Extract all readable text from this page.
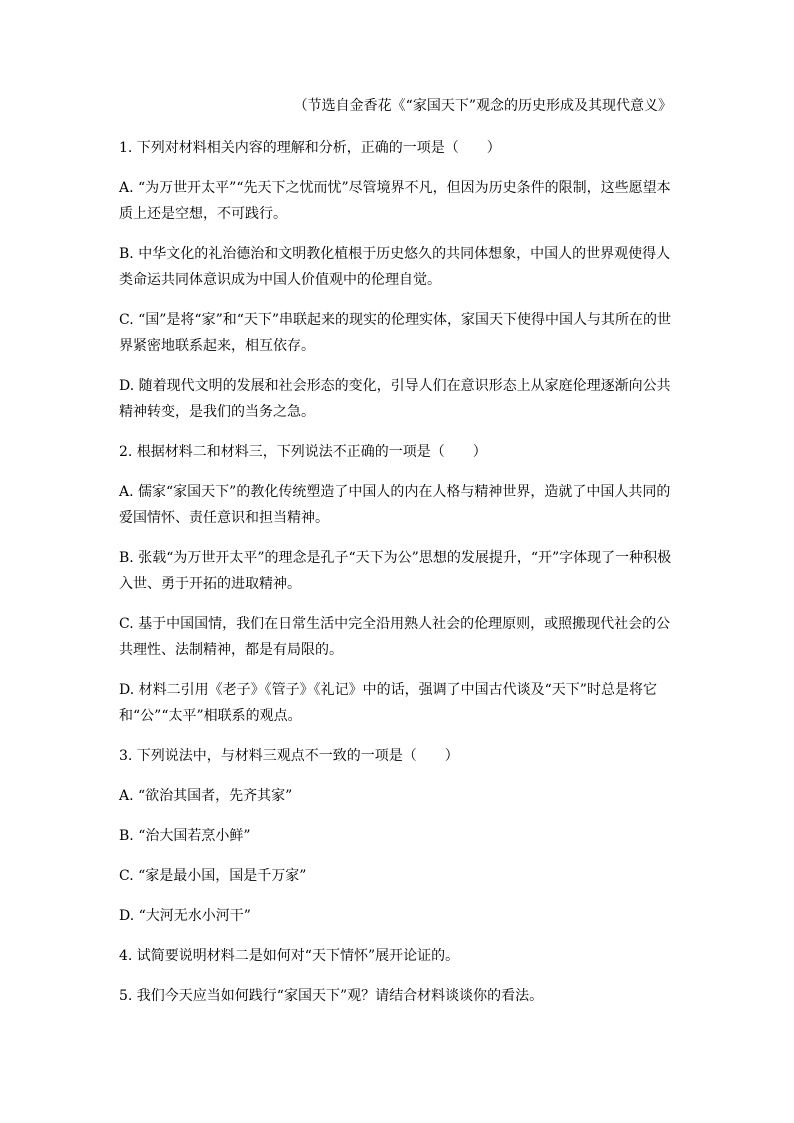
（节选自金香花《“家国天下”观念的历史形成及其现代意义》

1. 下列对材料相关内容的理解和分析，正确的一项是（　　）

A. “为万世开太平”“先天下之忧而忧”尽管境界不凡，但因为历史条件的限制，这些愿望本质上还是空想，不可践行。

B. 中华文化的礼治德治和文明教化植根于历史悠久的共同体想象，中国人的世界观使得人类命运共同体意识成为中国人价值观中的伦理自觉。

C. “国”是将“家”和“天下”串联起来的现实的伦理实体，家国天下使得中国人与其所在的世界紧密地联系起来，相互依存。

D. 随着现代文明的发展和社会形态的变化，引导人们在意识形态上从家庭伦理逐渐向公共精神转变，是我们的当务之急。

2. 根据材料二和材料三，下列说法不正确的一项是（　　）

A. 儒家“家国天下”的教化传统塑造了中国人的内在人格与精神世界，造就了中国人共同的爱国情怀、责任意识和担当精神。

B. 张载“为万世开太平”的理念是孔子“天下为公”思想的发展提升，“开”字体现了一种积极入世、勇于开拓的进取精神。

C. 基于中国国情，我们在日常生活中完全沿用熟人社会的伦理原则，或照搬现代社会的公共理性、法制精神，都是有局限的。

D. 材料二引用《老子》《管子》《礼记》中的话，强调了中国古代谈及“天下”时总是将它和“公”“太平”相联系的观点。

3. 下列说法中，与材料三观点不一致的一项是（　　）

A. “欲治其国者，先齐其家”

B. “治大国若烹小鲜”

C. “家是最小国，国是千万家”

D. “大河无水小河干”

4. 试简要说明材料二是如何对“天下情怀”展开论证的。

5. 我们今天应当如何践行“家国天下”观？请结合材料谈谈你的看法。
